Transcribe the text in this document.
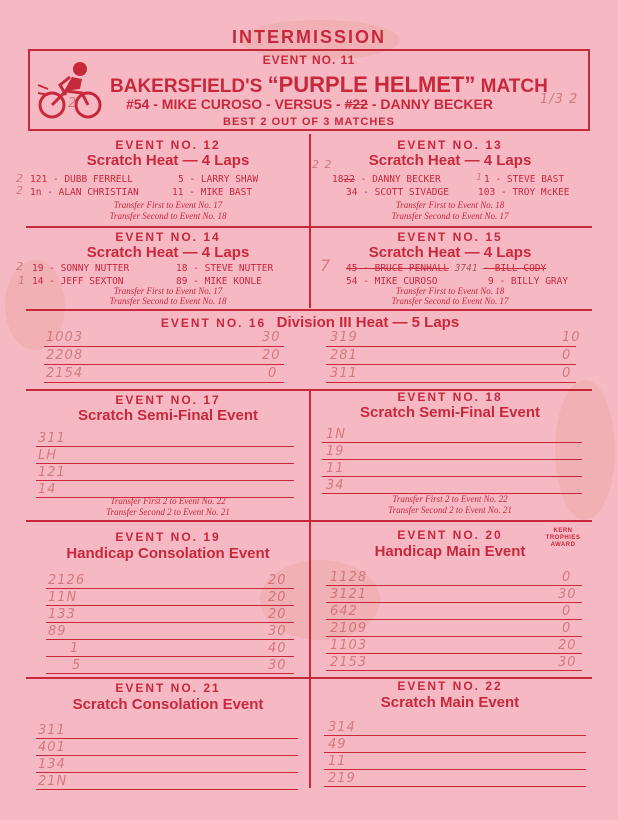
INTERMISSION
EVENT NO. 11
BAKERSFIELD'S “PURPLE HELMET” MATCH
#54 - MIKE CUROSO - VERSUS - #22 - DANNY BECKER
BEST 2 OUT OF 3 MATCHES
2	1/3 2
EVENT NO. 12
Scratch Heat — 4 Laps
121 - DUBB FERRELL	5 - LARRY SHAW
1n - ALAN CHRISTIAN	11 - MIKE BAST
Transfer First to Event No. 17
Transfer Second to Event No. 18
2
2
EVENT NO. 13
Scratch Heat — 4 Laps
1822 - DANNY BECKER	1 - STEVE BAST
34 - SCOTT SIVADGE	103 - TROY McKEE
Transfer First to Event No. 18
Transfer Second to Event No. 17
2 2
1
EVENT NO. 14
Scratch Heat — 4 Laps
19 - SONNY NUTTER	18 - STEVE NUTTER
14 - JEFF SEXTON	89 - MIKE KONLE
Transfer First to Event No. 17
Transfer Second to Event No. 18
2
1
EVENT NO. 15
Scratch Heat — 4 Laps
45 - BRUCE PENHALL 3741 - BILL CODY
54 - MIKE CUROSO	9 - BILLY GRAY
Transfer First to Event No. 18
Transfer Second to Event No. 17
7
EVENT NO. 16 Division III Heat — 5 Laps
1003	30
2208	20
2154	0
319	10
281	0
311	0
EVENT NO. 17
Scratch Semi-Final Event
311
LH
121
14
Transfer First 2 to Event No. 22
Transfer Second 2 to Event No. 21
EVENT NO. 18
Scratch Semi-Final Event
1N
19
11
34
Transfer First 2 to Event No. 22
Transfer Second 2 to Event No. 21
EVENT NO. 19
Handicap Consolation Event
2126	20
11N	20
133	20
89	30
1	40
5	30
EVENT NO. 20
Handicap Main Event
KERN
TROPHIES
AWARD
1128	0
3121	30
642	0
2109	0
1103	20
2153	30
EVENT NO. 21
Scratch Consolation Event
311
401
134
21N
EVENT NO. 22
Scratch Main Event
314
49
11
219
